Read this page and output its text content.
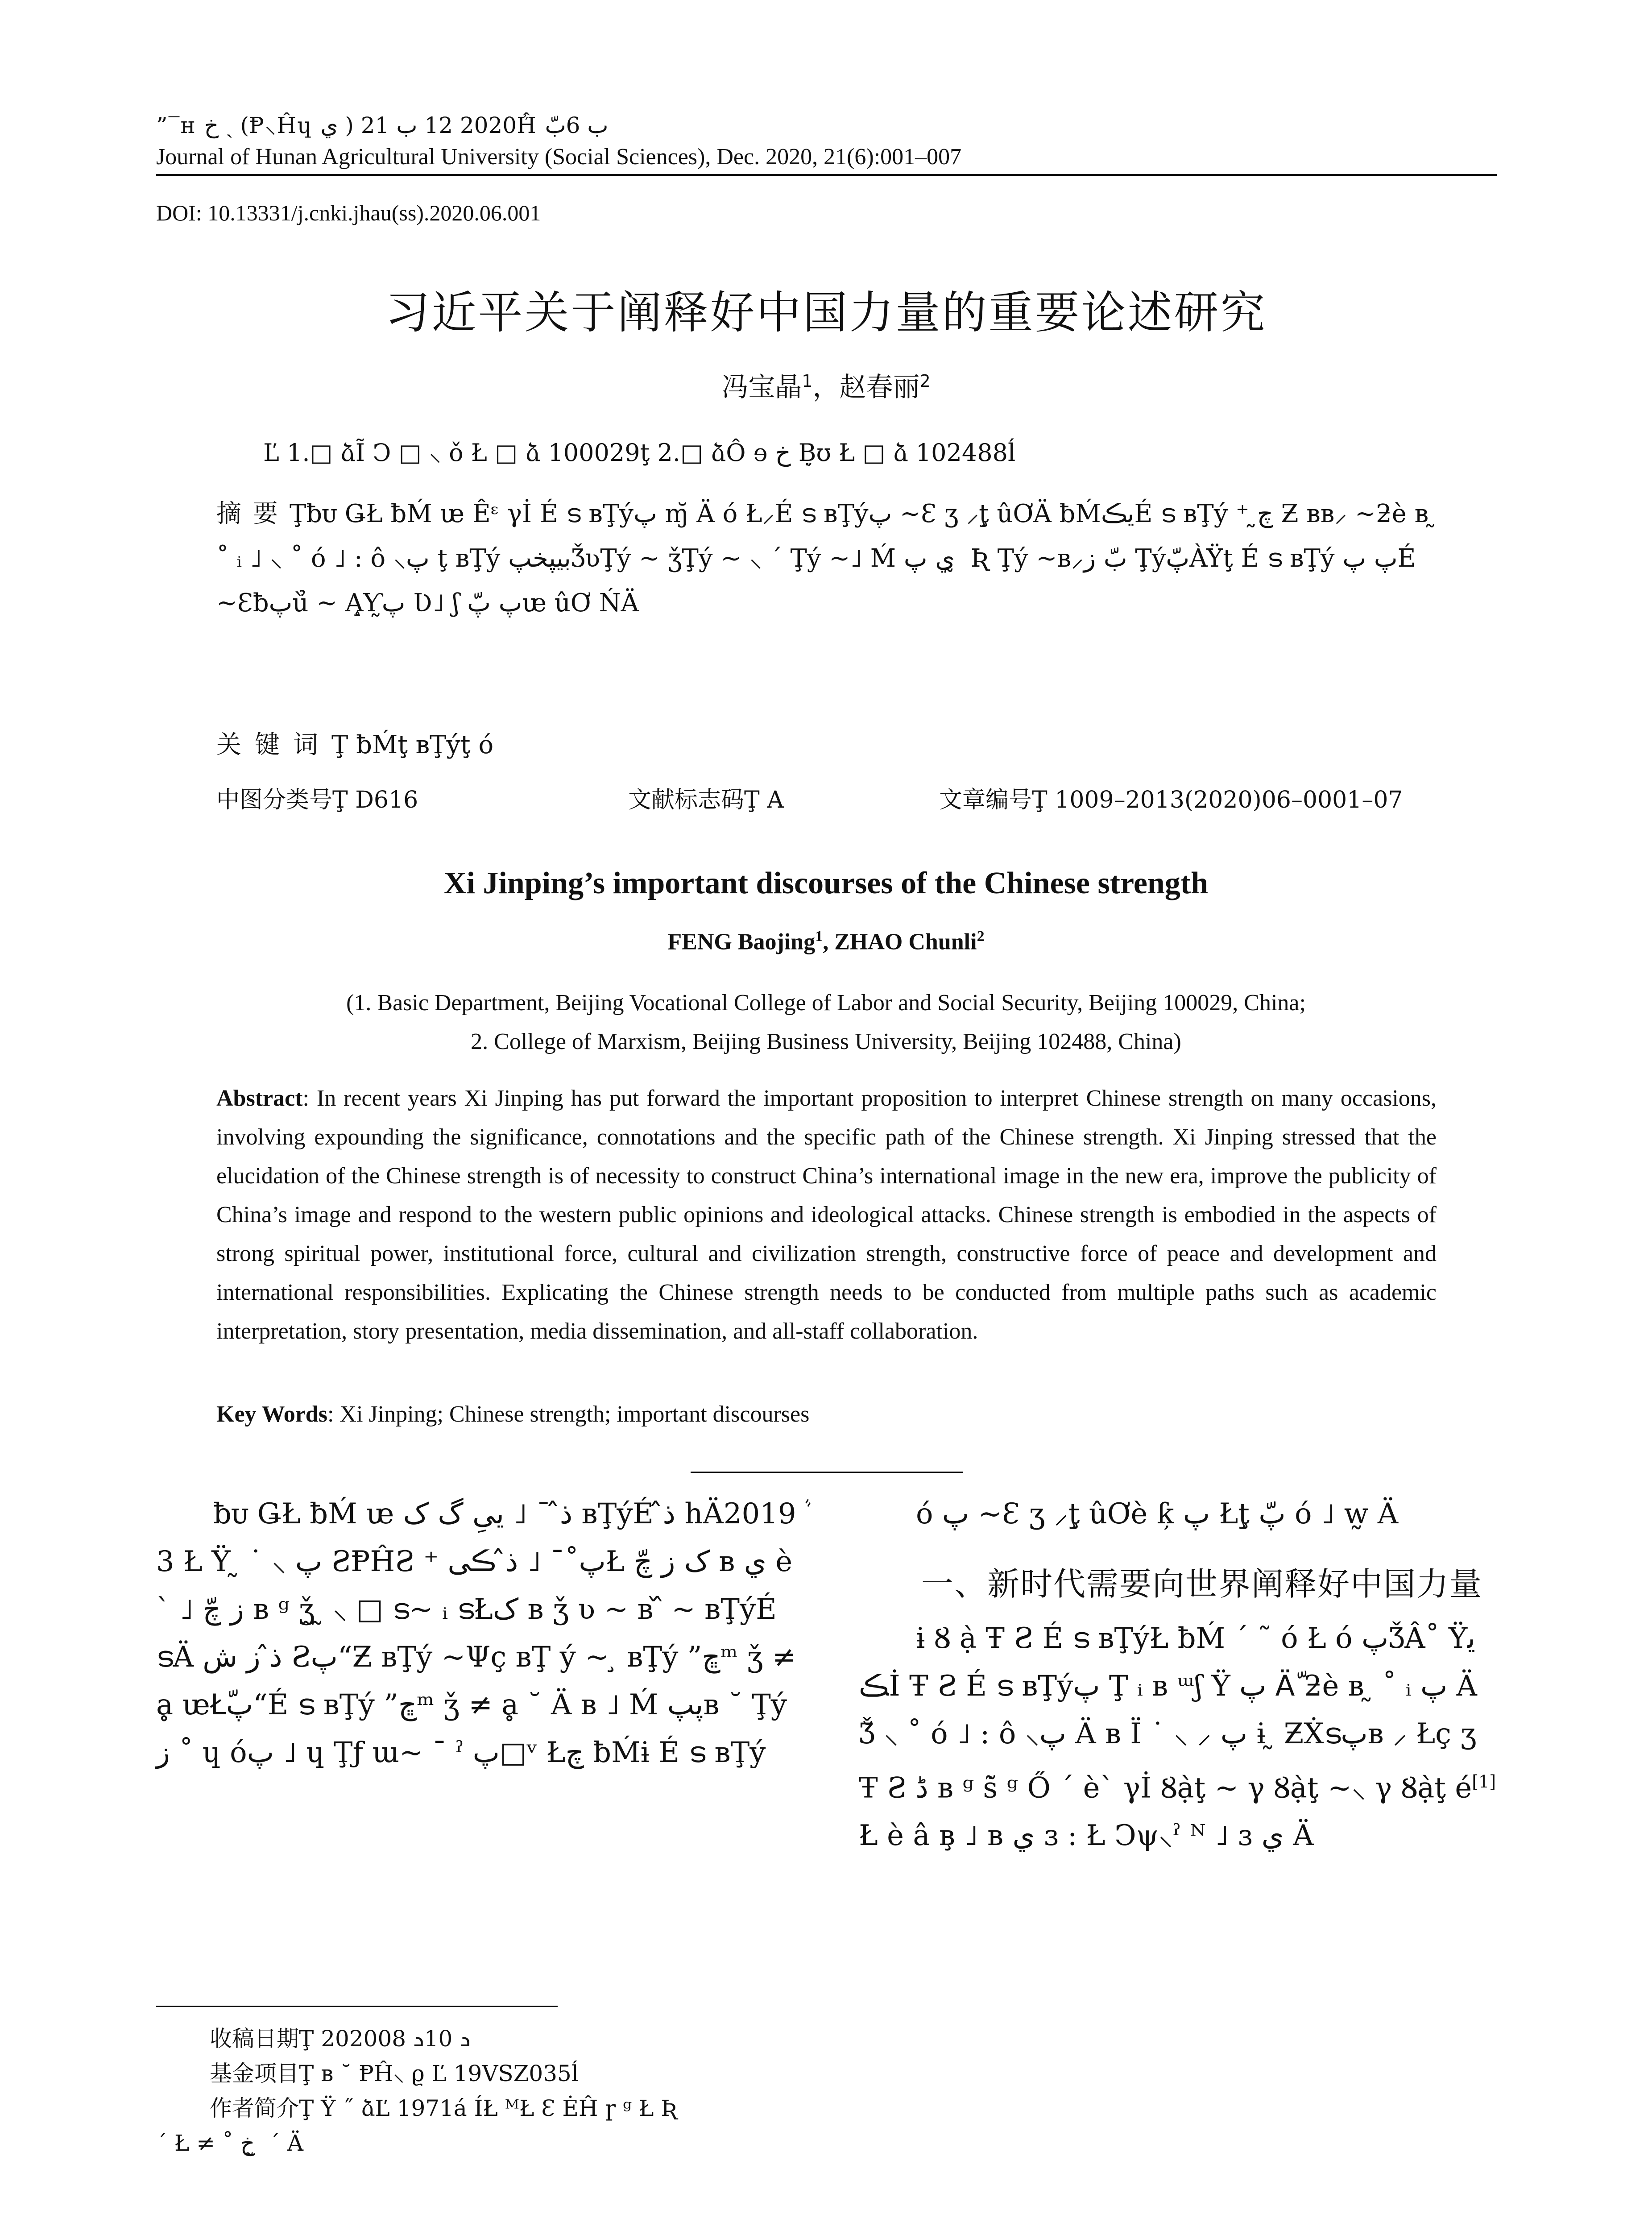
”‾ʜ خ ˏ (Ᵽ⸜Ĥɥ ي ) 2020ܵ 12 ب 21Ĥ ب 6بّ
Journal of Hunan Agricultural University (Social Sciences), Dec. 2020, 21(6):001–007
DOI: 10.13331/j.cnki.jhau(ss).2020.06.001
习近平关于阐释好中国力量的重要论述研究
冯宝晶$^1$，赵春丽$^2$
Ľ 1.□ ձĨ Ͻ □ ⸜ ǒ Ł □ ձ 100029ţ 2.□ ձÔ ɘ خ Ḅ̦ʊ Ł □ ձ 102488ĺ
摘要Ţƀᴜ ǤŁ ƀḾ ᵫ Êᵋ γİ É ട ʙŢýپ ɱ̆ Ä ó Ł⸝É ട ʙŢýپ ~Ɛ ʒ ⸝ţ̧ ûƠÄ ƀḾیڪÉ ട ʙŢý ⁺ چ̰ Ƶ ʙʙ⸝ ~ƻè ʙ ̰ ˚ ᵢ ˩ ⸜ ˚ ó ˩ : ô ⸜پ ţ ʙŢý بیپخپǮʋŢý ~ ǯŢý ~ ⸜ ´ Ţý ~˩ Ḿ ي پ ̰ Ʀ Ţý ~ʙ⸝بّ ز ŢýپّÀŸţ É ട ʙŢý پ پÉ ~Ɛƀپù̉ ~ Ą̧Ƴپ̰ Ʋ˩ ʃ پ پّᵫ ûƠ ŃÄ
关键词Ţ ƀḾţ ʙŢýţ ó
中图分类号Ţ D616	文献标志码Ţ A	文章编号Ţ 1009–2013(2020)06–0001–07
Xi Jinping’s important discourses of the Chinese strength
FENG Baojing$^1$, ZHAO Chunli$^2$
(1. Basic Department, Beijing Vocational College of Labor and Social Security, Beijing 100029, China;
2. College of Marxism, Beijing Business University, Beijing 102488, China)
Abstract: In recent years Xi Jinping has put forward the important proposition to interpret Chinese strength on many occasions, involving expounding the significance, connotations and the specific path of the Chinese strength. Xi Jinping stressed that the elucidation of the Chinese strength is of necessity to construct China’s international image in the new era, improve the publicity of China’s image and respond to the western public opinions and ideological attacks. Chinese strength is embodied in the aspects of strong spiritual power, institutional force, cultural and civilization strength, constructive force of peace and development and international responsibilities. Explicating the Chinese strength needs to be conducted from multiple paths such as academic interpretation, story presentation, media dissemination, and all-staff collaboration.
Key Words: Xi Jinping; Chinese strength; important discourses
ƀᴜ ǤŁ ƀḾ ᵫ ذ̂ ¯ ˩ ییِ گ ک ʙŢýÉ ذ̂ hÄ2019ܵ 3 Ł Ÿ ̰ ˙ ⸜ پ ƧⱣĤƧ ⁺ پ˚¯ ˩ ذ̂ ڪیŁ ک ز چّ ʙ ي èˋ ˩ ز چّ ʙ ᵍ ǯ̰ ̰ ⸜ □ ട~ ᵢ ടŁک ʙ ǯ ʋ ~ ʙ ᷈ ~ ʙŢýÉ ടÄ ذ̂ ز ش Ƨپ“Ƶ ʙŢý ~Ψç ʙŢ ý ~ ̧ ʙŢý ”ڇᵐ ǯ ≠ ḁ ᵫŁّپ“É ട ʙŢý ”ڇᵐ ǯ ≠ ḁ ˘ Ä ʙ ˩ Ḿ پپʙ ˘ Ţý ز ˚ ɥ óپ ˩ ɥ Ţƒ ɯ~ ˉ ˀ پ□ᵛ Łچ ƀḾɨ É ട ʙŢý
ó پ ~Ɛ ʒ ⸝ţ̧ ûƠè ƙ̦ پ Łţ̧ پّ ó ˩ ᴡ̰ Ä
一、新时代需要向世界阐释好中国力量
ɨ Ȣ ạ̀ Ŧ Ƨ É ട ʙŢýŁ ƀḾ ´ ˜ ó Ł ó پǮÂ˚ Ÿیڪİ Ŧ Ƨ É ട ʙŢýپ Ţ ᵢ ʙ ᵚʃ Ÿ پ Äّ ƻè ʙ ̰ ˚ ᵢ پ Ä Ǯ̆ ⸜ ˚ ó ˩ : ô ⸜پ Ä ʙ Ï ˙ ⸜ ⸝ پ ɨ ̰ ƵẊടپʙ ⸝ Łç ʒ Ŧ Ƨ ڈ ʙ ᵍ ṡ̃ ᵍ Ő ´ èˋ γİ Ȣạ̀ţ ~ γ Ȣạ̀ţ ~⸜ γ Ȣạ̀ţ é[1]Ł è â ʙ̧ ˩ ʙ ي ɜ : Ł Ͻψ⸜ˀ ᴺ ˩ ɜ ي Ä
收稿日期Ţ 2020ܖ 10ܖ 08
基金项目Ţ ʙ ˘ ⱣĤ⸜ ϱ Ľ 19VSZ035ĺ
作者简介Ţ Ÿ ˝ ձĽ 1971á ÍŁ ᴹŁ Ɛ ĖĤ ɼ ᵍ Ł Ʀ
´ Ł ≠ ˚ خ ̰ ´ Ä
